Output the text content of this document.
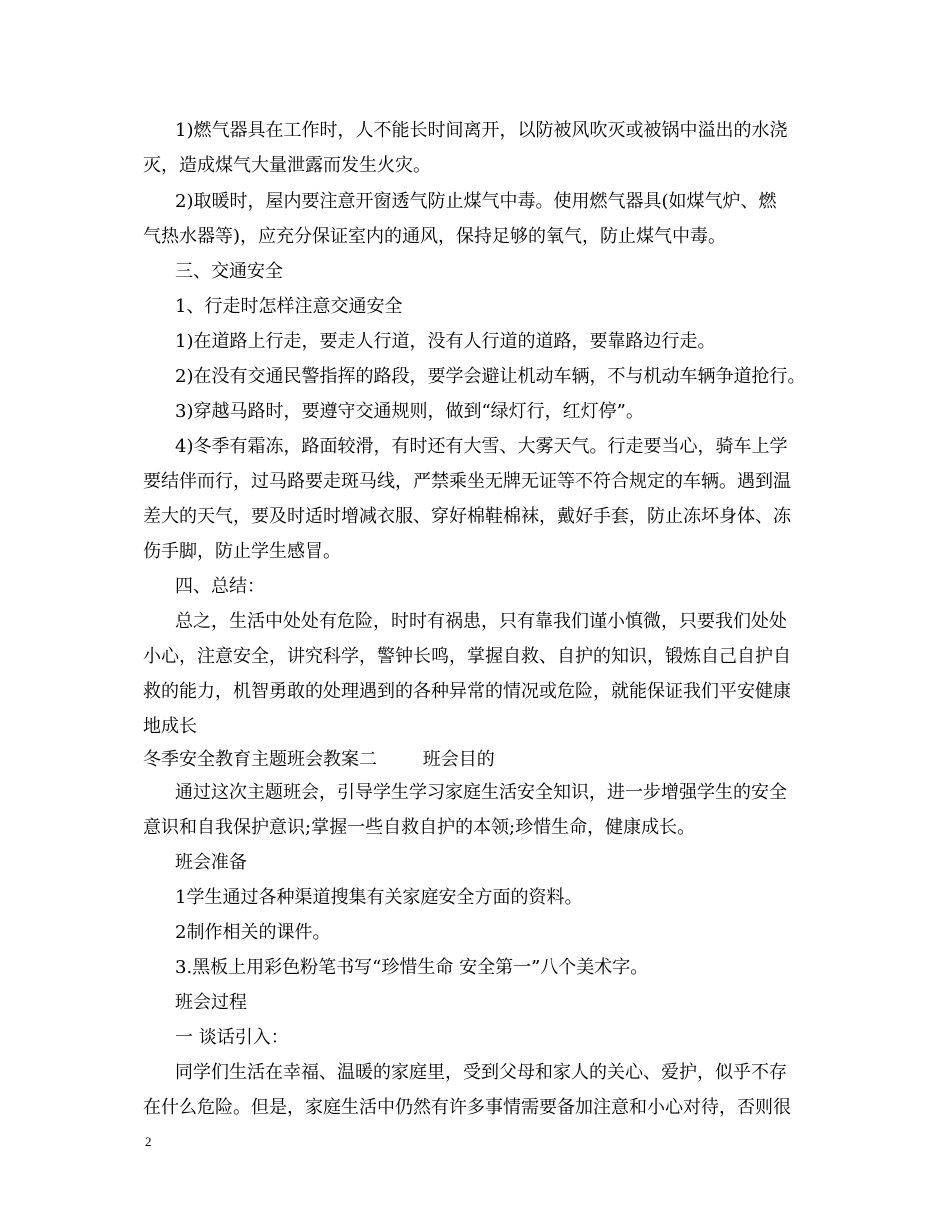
1)燃气器具在工作时，人不能长时间离开，以防被风吹灭或被锅中溢出的水浇
灭，造成煤气大量泄露而发生火灾。
2)取暖时，屋内要注意开窗透气防止煤气中毒。使用燃气器具(如煤气炉、燃
气热水器等)，应充分保证室内的通风，保持足够的氧气，防止煤气中毒。
三、交通安全
1、行走时怎样注意交通安全
1)在道路上行走，要走人行道，没有人行道的道路，要靠路边行走。
2)在没有交通民警指挥的路段，要学会避让机动车辆，不与机动车辆争道抢行。
3)穿越马路时，要遵守交通规则，做到“绿灯行，红灯停”。
4)冬季有霜冻，路面较滑，有时还有大雪、大雾天气。行走要当心，骑车上学
要结伴而行，过马路要走斑马线，严禁乘坐无牌无证等不符合规定的车辆。遇到温
差大的天气，要及时适时增减衣服、穿好棉鞋棉袜，戴好手套，防止冻坏身体、冻
伤手脚，防止学生感冒。
四、总结：
总之，生活中处处有危险，时时有祸患，只有靠我们谨小慎微，只要我们处处
小心，注意安全，讲究科学，警钟长鸣，掌握自救、自护的知识，锻炼自己自护自
救的能力，机智勇敢的处理遇到的各种异常的情况或危险，就能保证我们平安健康
地成长
冬季安全教育主题班会教案二        班会目的
通过这次主题班会，引导学生学习家庭生活安全知识，进一步增强学生的安全
意识和自我保护意识;掌握一些自救自护的本领;珍惜生命，健康成长。
班会准备
1学生通过各种渠道搜集有关家庭安全方面的资料。
2制作相关的课件。
3.黑板上用彩色粉笔书写“珍惜生命 安全第一”八个美术字。
班会过程
一 谈话引入：
同学们生活在幸福、温暖的家庭里，受到父母和家人的关心、爱护，似乎不存
在什么危险。但是，家庭生活中仍然有许多事情需要备加注意和小心对待，否则很
2
